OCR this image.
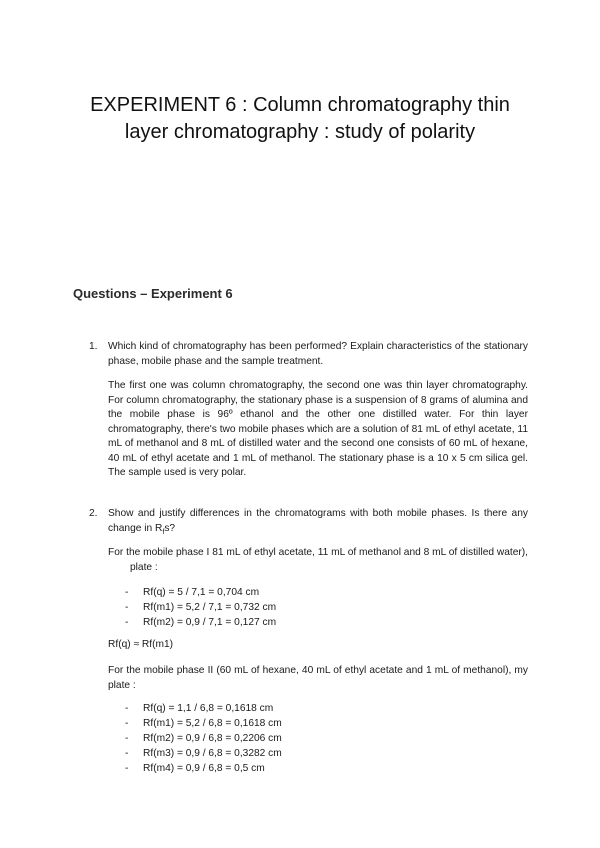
EXPERIMENT 6 : Column chromatography thin
layer chromatography : study of polarity
Questions – Experiment 6
1. Which kind of chromatography has been performed? Explain characteristics of the stationary phase, mobile phase and the sample treatment.

The first one was column chromatography, the second one was thin layer chromatography. For column chromatography, the stationary phase is a suspension of 8 grams of alumina and the mobile phase is 96º ethanol and the other one distilled water. For thin layer chromatography, there's two mobile phases which are a solution of 81 mL of ethyl acetate, 11 mL of methanol and 8 mL of distilled water and the second one consists of 60 mL of hexane, 40 mL of ethyl acetate and 1 mL of methanol. The stationary phase is a 10 x 5 cm silica gel. The sample used is very polar.

2. Show and justify differences in the chromatograms with both mobile phases. Is there any change in $R_fs$?

For the mobile phase I 81 mL of ethyl acetate, 11 mL of methanol and 8 mL of distilled water),plate :

- Rf(q) = 5 / 7,1 = 0,704 cm
- Rf(m1) = 5,2 / 7,1 = 0,732 cm
- Rf(m2) = 0,9 / 7,1 = 0,127 cm

Rf(q) ≈ Rf(m1)

For the mobile phase II (60 mL of hexane, 40 mL of ethyl acetate and 1 mL of methanol), my plate :

- Rf(q) = 1,1 / 6,8 = 0,1618 cm
- Rf(m1) = 5,2 / 6,8 = 0,1618 cm
- Rf(m2) = 0,9 / 6,8 = 0,2206 cm
- Rf(m3) = 0,9 / 6,8 = 0,3282 cm
- Rf(m4) = 0,9 / 6,8 = 0,5 cm
